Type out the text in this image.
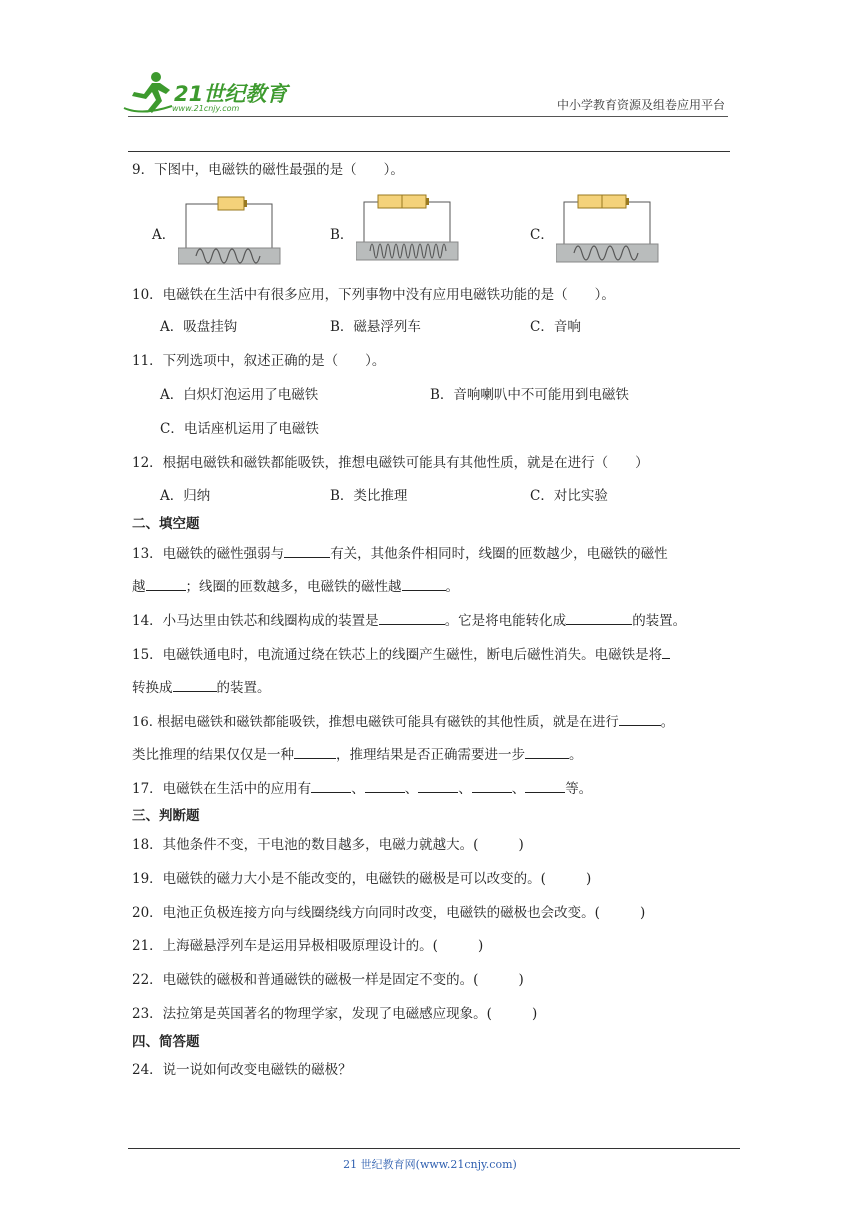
21世纪教育
www.21cnjy.com	中小学教育资源及组卷应用平台
9．下图中，电磁铁的磁性最强的是（　　）。
A．	B．	C．
10．电磁铁在生活中有很多应用，下列事物中没有应用电磁铁功能的是（　　）。
A．吸盘挂钩	B．磁悬浮列车	C．音响
11．下列选项中，叙述正确的是（　　）。
A．白炽灯泡运用了电磁铁	B．音响喇叭中不可能用到电磁铁
C．电话座机运用了电磁铁
12．根据电磁铁和磁铁都能吸铁，推想电磁铁可能具有其他性质，就是在进行（　　）
A．归纳	B．类比推理	C．对比实验
二、填空题
13．电磁铁的磁性强弱与	有关，其他条件相同时，线圈的匝数越少，电磁铁的磁性
越	；线圈的匝数越多，电磁铁的磁性越	。
14．小马达里由铁芯和线圈构成的装置是	。它是将电能转化成	的装置。
15．电磁铁通电时，电流通过绕在铁芯上的线圈产生磁性，断电后磁性消失。电磁铁是将
转换成	的装置。
16. 根据电磁铁和磁铁都能吸铁，推想电磁铁可能具有磁铁的其他性质，就是在进行	。
类比推理的结果仅仅是一种	，推理结果是否正确需要进一步	。
17．电磁铁在生活中的应用有	、	、	、	、	等。
三、判断题
18．其他条件不变，干电池的数目越多，电磁力就越大。(	)
19．电磁铁的磁力大小是不能改变的，电磁铁的磁极是可以改变的。(	)
20．电池正负极连接方向与线圈绕线方向同时改变，电磁铁的磁极也会改变。(	)
21．上海磁悬浮列车是运用异极相吸原理设计的。(	)
22．电磁铁的磁极和普通磁铁的磁极一样是固定不变的。(	)
23．法拉第是英国著名的物理学家，发现了电磁感应现象。(	)
四、简答题
24．说一说如何改变电磁铁的磁极？
21 世纪教育网(www.21cnjy.com)
